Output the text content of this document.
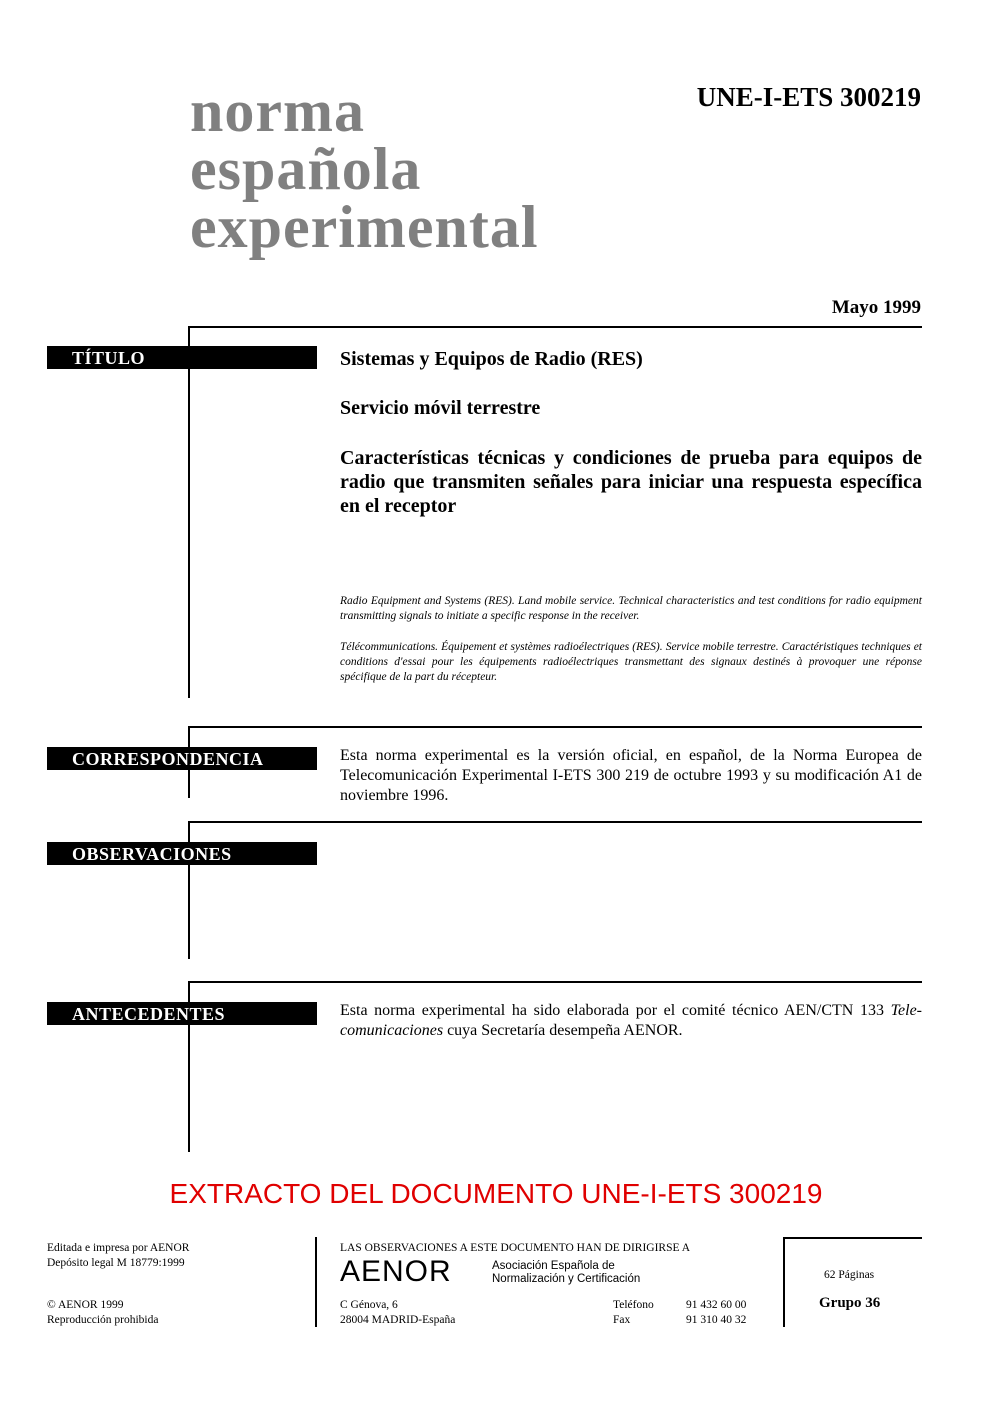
norma
española
experimental
UNE-I-ETS 300219
Mayo 1999
TÍTULO	Sistemas y Equipos de Radio (RES)
Servicio móvil terrestre
Características técnicas y condiciones de prueba para equipos de radio que transmiten señales para iniciar una respuesta específica en el receptor
Radio Equipment and Systems (RES). Land mobile service. Technical characteristics and test conditions for radio equipment transmitting signals to initiate a specific response in the receiver.
Télécommunications. Équipement et systèmes radioélectriques (RES). Service mobile terrestre. Caractéristiques techniques et conditions d'essai pour les équipements radioélectriques transmettant des signaux destinés à provoquer une réponse spécifique de la part du récepteur.
CORRESPONDENCIA	Esta norma experimental es la versión oficial, en español, de la Norma Europea de Telecomunicación Experimental I-ETS 300 219 de octubre 1993 y su modificación A1 de noviembre 1996.
OBSERVACIONES
ANTECEDENTES	Esta norma experimental ha sido elaborada por el comité técnico AEN/CTN 133 Tele-comunicaciones cuya Secretaría desempeña AENOR.
EXTRACTO DEL DOCUMENTO UNE-I-ETS 300219
Editada e impresa por AENOR
Depósito legal M 18779:1999
© AENOR 1999
Reproducción prohibida
LAS OBSERVACIONES A ESTE DOCUMENTO HAN DE DIRIGIRSE A
AENOR	Asociación Española de
Normalización y Certificación
C Génova, 6
28004 MADRID-España
Teléfono	91 432 60 00
Fax	91 310 40 32
62 Páginas
Grupo 36
